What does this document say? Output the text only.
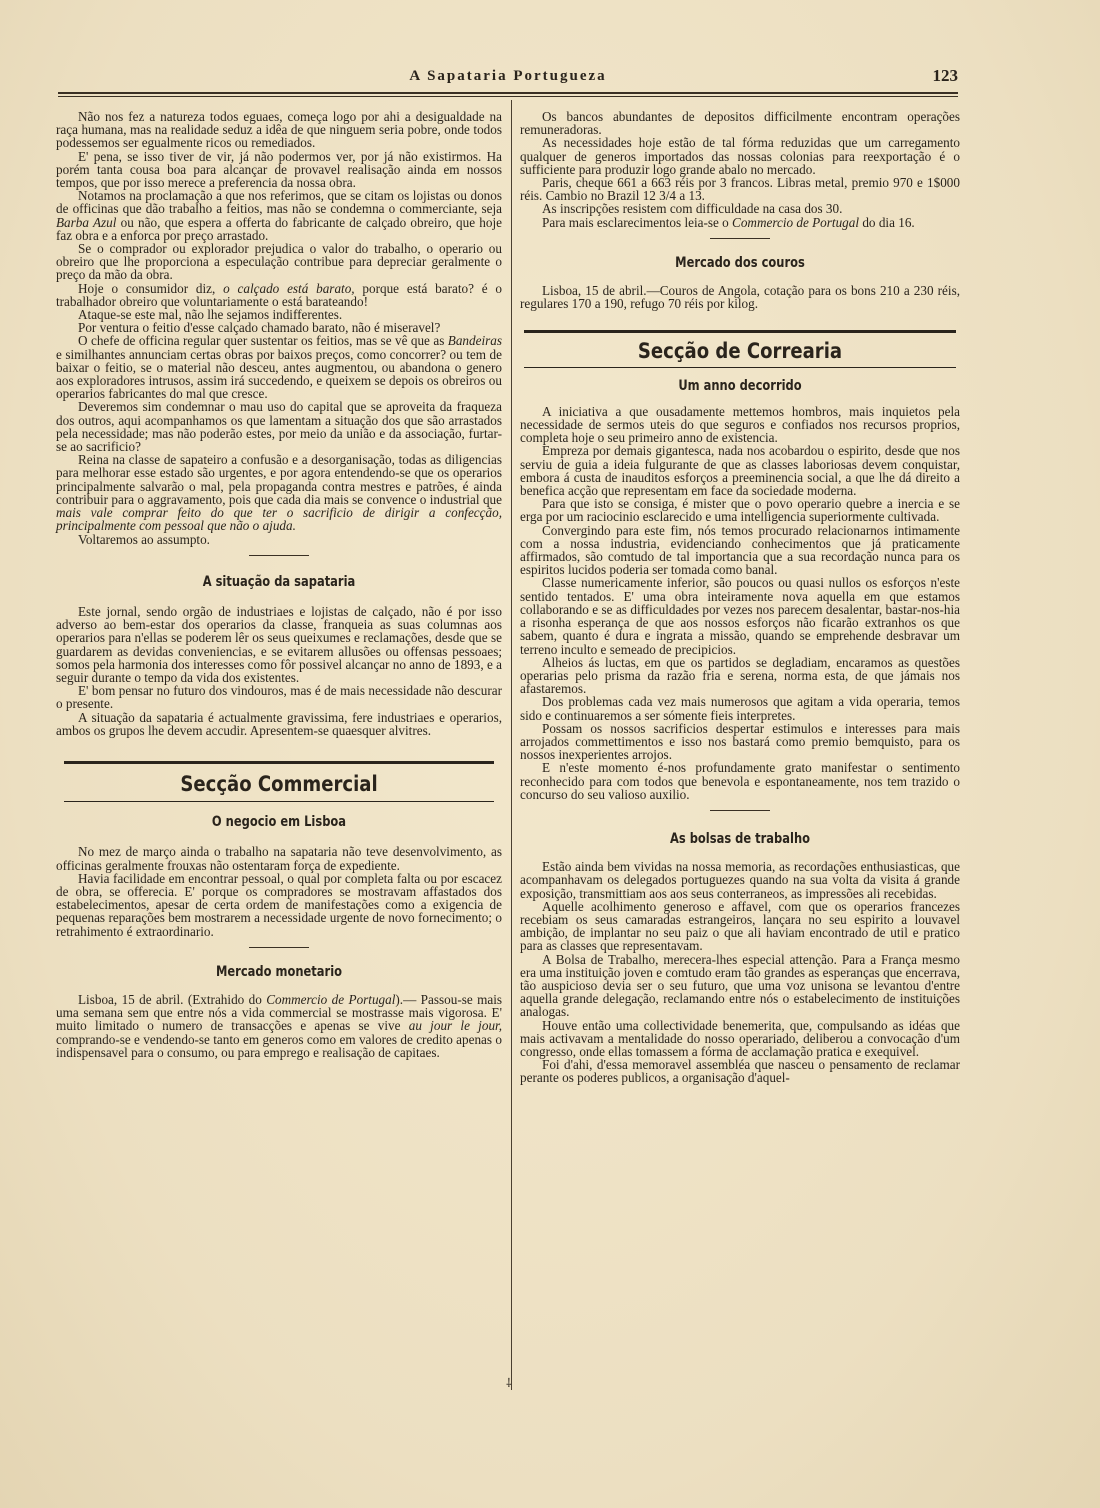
A Sapataria Portugueza	123

Não nos fez a natureza todos eguaes, começa logo por ahi a desigualdade na raça humana, mas na realidade seduz a idêa de que ninguem seria pobre, onde todos podessemos ser egualmente ricos ou remediados.

E' pena, se isso tiver de vir, já não podermos ver, por já não existirmos. Ha porém tanta cousa boa para alcançar de provavel realisação ainda em nossos tempos, que por isso merece a preferencia da nossa obra.

Notamos na proclamação a que nos referimos, que se citam os lojistas ou donos de officinas que dão trabalho a feitios, mas não se condemna o commerciante, seja Barba Azul ou não, que espera a offerta do fabricante de calçado obreiro, que hoje faz obra e a enforca por preço arrastado.

Se o comprador ou explorador prejudica o valor do trabalho, o operario ou obreiro que lhe proporciona a especulação contribue para depreciar geralmente o preço da mão da obra.

Hoje o consumidor diz, o calçado está barato, porque está barato? é o trabalhador obreiro que voluntariamente o está barateando!

Ataque-se este mal, não lhe sejamos indifferentes.

Por ventura o feitio d'esse calçado chamado barato, não é miseravel?

O chefe de officina regular quer sustentar os feitios, mas se vê que as Bandeiras e similhantes annunciam certas obras por baixos preços, como concorrer? ou tem de baixar o feitio, se o material não desceu, antes augmentou, ou abandona o genero aos exploradores intrusos, assim irá succedendo, e queixem se depois os obreiros ou operarios fabricantes do mal que cresce.

Deveremos sim condemnar o mau uso do capital que se aproveita da fraqueza dos outros, aqui acompanhamos os que lamentam a situação dos que são arrastados pela necessidade; mas não poderão estes, por meio da união e da associação, furtar-se ao sacrificio?

Reina na classe de sapateiro a confusão e a desorganisação, todas as diligencias para melhorar esse estado são urgentes, e por agora entendendo-se que os operarios principalmente salvarão o mal, pela propaganda contra mestres e patrões, é ainda contribuir para o aggravamento, pois que cada dia mais se convence o industrial que mais vale comprar feito do que ter o sacrificio de dirigir a confecção, principalmente com pessoal que não o ajuda.

Voltaremos ao assumpto.

A situação da sapataria

Este jornal, sendo orgão de industriaes e lojistas de calçado, não é por isso adverso ao bem-estar dos operarios da classe, franqueia as suas columnas aos operarios para n'ellas se poderem lêr os seus queixumes e reclamações, desde que se guardarem as devidas conveniencias, e se evitarem allusões ou offensas pessoaes; somos pela harmonia dos interesses como fôr possivel alcançar no anno de 1893, e a seguir durante o tempo da vida dos existentes.

E' bom pensar no futuro dos vindouros, mas é de mais necessidade não descurar o presente.

A situação da sapataria é actualmente gravissima, fere industriaes e operarios, ambos os grupos lhe devem accudir. Apresentem-se quaesquer alvitres.

Secção Commercial
O negocio em Lisboa

No mez de março ainda o trabalho na sapataria não teve desenvolvimento, as officinas geralmente frouxas não ostentaram força de expediente.

Havia facilidade em encontrar pessoal, o qual por completa falta ou por escacez de obra, se offerecia. E' porque os compradores se mostravam affastados dos estabelecimentos, apesar de certa ordem de manifestações como a exigencia de pequenas reparações bem mostrarem a necessidade urgente de novo fornecimento; o retrahimento é extraordinario.

Mercado monetario

Lisboa, 15 de abril. (Extrahido do Commercio de Portugal).— Passou-se mais uma semana sem que entre nós a vida commercial se mostrasse mais vigorosa. E' muito limitado o numero de transacções e apenas se vive au jour le jour, comprando-se e vendendo-se tanto em generos como em valores de credito apenas o indispensavel para o consumo, ou para emprego e realisação de capitaes.

Os bancos abundantes de depositos difficilmente encontram operações remuneradoras.

As necessidades hoje estão de tal fórma reduzidas que um carregamento qualquer de generos importados das nossas colonias para reexportação é o sufficiente para produzir logo grande abalo no mercado.

Paris, cheque 661 a 663 réis por 3 francos. Libras metal, premio 970 e 1$000 réis. Cambio no Brazil 12 3/4 a 13.

As inscripções resistem com difficuldade na casa dos 30.

Para mais esclarecimentos leia-se o Commercio de Portugal do dia 16.

Mercado dos couros

Lisboa, 15 de abril.—Couros de Angola, cotação para os bons 210 a 230 réis, regulares 170 a 190, refugo 70 réis por kilog.

Secção de Correaria
Um anno decorrido

A iniciativa a que ousadamente mettemos hombros, mais inquietos pela necessidade de sermos uteis do que seguros e confiados nos recursos proprios, completa hoje o seu primeiro anno de existencia.

Empreza por demais gigantesca, nada nos acobardou o espirito, desde que nos serviu de guia a ideia fulgurante de que as classes laboriosas devem conquistar, embora á custa de inauditos esforços a preeminencia social, a que lhe dá direito a benefica acção que representam em face da sociedade moderna.

Para que isto se consiga, é mister que o povo operario quebre a inercia e se erga por um raciocinio esclarecido e uma intelligencia superiormente cultivada.

Convergindo para este fim, nós temos procurado relacionarnos intimamente com a nossa industria, evidenciando conhecimentos que já praticamente affirmados, são comtudo de tal importancia que a sua recordação nunca para os espiritos lucidos poderia ser tomada como banal.

Classe numericamente inferior, são poucos ou quasi nullos os esforços n'este sentido tentados. E' uma obra inteiramente nova aquella em que estamos collaborando e se as difficuldades por vezes nos parecem desalentar, bastar-nos-hia a risonha esperança de que aos nossos esforços não ficarão extranhos os que sabem, quanto é dura e ingrata a missão, quando se emprehende desbravar um terreno inculto e semeado de precipicios.

Alheios ás luctas, em que os partidos se degladiam, encaramos as questões operarias pelo prisma da razão fria e serena, norma esta, de que jámais nos afastaremos.

Dos problemas cada vez mais numerosos que agitam a vida operaria, temos sido e continuaremos a ser sómente fieis interpretes.

Possam os nossos sacrificios despertar estimulos e interesses para mais arrojados commettimentos e isso nos bastará como premio bemquisto, para os nossos inexperientes arrojos.

E n'este momento é-nos profundamente grato manifestar o sentimento reconhecido para com todos que benevola e espontaneamente, nos tem trazido o concurso do seu valioso auxilio.

As bolsas de trabalho

Estão ainda bem vividas na nossa memoria, as recordações enthusiasticas, que acompanhavam os delegados portuguezes quando na sua volta da visita á grande exposição, transmittiam aos aos seus conterraneos, as impressões ali recebidas.

Aquelle acolhimento generoso e affavel, com que os operarios francezes recebiam os seus camaradas estrangeiros, lançara no seu espirito a louvavel ambição, de implantar no seu paiz o que ali haviam encontrado de util e pratico para as classes que representavam.

A Bolsa de Trabalho, merecera-lhes especial attenção. Para a França mesmo era uma instituição joven e comtudo eram tão grandes as esperanças que encerrava, tão auspicioso devia ser o seu futuro, que uma voz unisona se levantou d'entre aquella grande delegação, reclamando entre nós o estabelecimento de instituições analogas.

Houve então uma collectividade benemerita, que, compulsando as idéas que mais activavam a mentalidade do nosso operariado, deliberou a convocação d'um congresso, onde ellas tomassem a fórma de acclamação pratica e exequivel.

Foi d'ahi, d'essa memoravel assembléa que nasceu o pensamento de reclamar perante os poderes publicos, a organisação d'aquel-

⸸
